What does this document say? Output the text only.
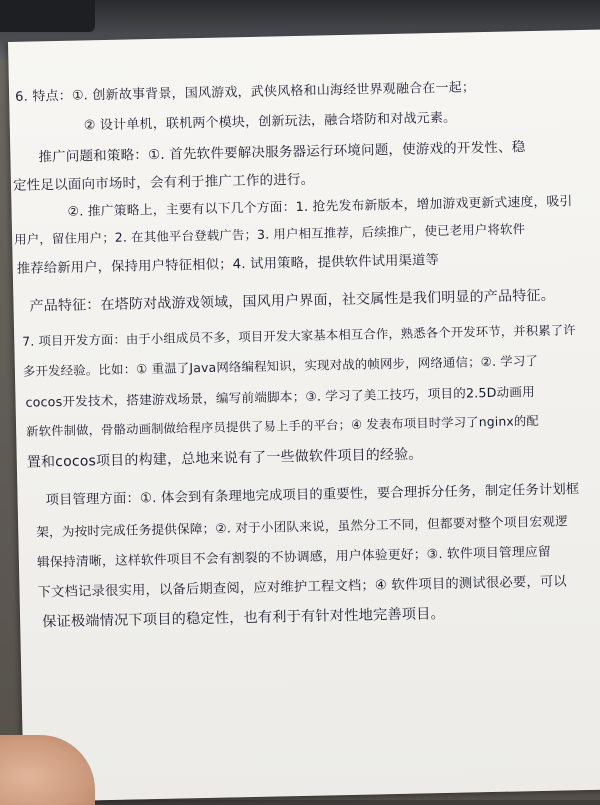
6. 特点：①. 创新故事背景，国风游戏，武侠风格和山海经世界观融合在一起；
② 设计单机，联机两个模块，创新玩法，融合塔防和对战元素。
推广问题和策略：①. 首先软件要解决服务器运行环境问题，使游戏的开发性、稳
定性足以面向市场时，会有利于推广工作的进行。
②. 推广策略上，主要有以下几个方面：1. 抢先发布新版本，增加游戏更新式速度，吸引
用户，留住用户；2. 在其他平台登载广告；3. 用户相互推荐，后续推广，使已老用户将软件
推荐给新用户，保持用户特征相似；4. 试用策略，提供软件试用渠道等
产品特征：在塔防对战游戏领域，国风用户界面，社交属性是我们明显的产品特征。
7. 项目开发方面：由于小组成员不多，项目开发大家基本相互合作，熟悉各个开发环节，并积累了许
多开发经验。比如：① 重温了Java网络编程知识，实现对战的帧网步，网络通信；②. 学习了
cocos开发技术，搭建游戏场景，编写前端脚本；③. 学习了美工技巧，项目的2.5D动画用
新软件制做，骨骼动画制做给程序员提供了易上手的平台；④ 发表布项目时学习了nginx的配
置和cocos项目的构建，总地来说有了一些做软件项目的经验。
项目管理方面：①. 体会到有条理地完成项目的重要性，要合理拆分任务，制定任务计划框
架，为按时完成任务提供保障；②. 对于小团队来说，虽然分工不同，但都要对整个项目宏观逻
辑保持清晰，这样软件项目不会有割裂的不协调感，用户体验更好；③. 软件项目管理应留
下文档记录很实用，以备后期查阅，应对维护工程文档；④ 软件项目的测试很必要，可以
保证极端情况下项目的稳定性，也有利于有针对性地完善项目。
